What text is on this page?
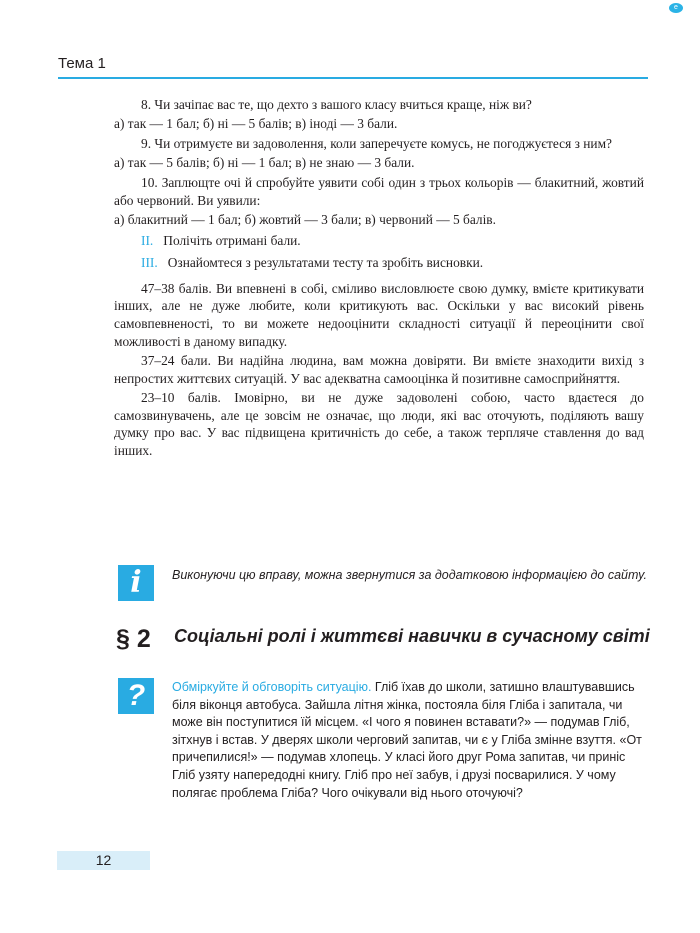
e
Тема 1

8. Чи зачіпає вас те, що дехто з вашого класу вчиться краще, ніж ви?

а) так — 1 бал; б) ні — 5 балів; в) іноді — 3 бали.

9. Чи отримуєте ви задоволення, коли заперечуєте комусь, не погоджуєтеся з ним?

а) так — 5 балів; б) ні — 1 бал; в) не знаю — 3 бали.

10. Заплющте очі й спробуйте уявити собі один з трьох кольорів — блакитний, жовтий або червоний. Ви уявили:

а) блакитний — 1 бал; б) жовтий — 3 бали; в) червоний — 5 балів.

II. Полічіть отримані бали.

III. Ознайомтеся з результатами тесту та зробіть висновки.

47–38 балів. Ви впевнені в собі, сміливо висловлюєте свою думку, вмієте критикувати інших, але не дуже любите, коли критикують вас. Оскільки у вас високий рівень самовпевненості, то ви можете недооцінити складності ситуації й переоцінити свої можливості в даному випадку.

37–24 бали. Ви надійна людина, вам можна довіряти. Ви вмієте знаходити вихід з непростих життєвих ситуацій. У вас адекватна самооцінка й позитивне самосприйняття.

23–10 балів. Імовірно, ви не дуже задоволені собою, часто вдаєтеся до самозвинувачень, але це зовсім не означає, що люди, які вас оточують, поділяють вашу думку про вас. У вас підвищена критичність до себе, а також терпляче ставлення до вад інших.

i	Виконуючи цю вправу, можна звернутися за додатковою інформацією до сайту.
§ 2 Соціальні ролі і життєві навички в сучасному світі
?	Обміркуйте й обговоріть ситуацію. Гліб їхав до школи, затишно влаштувавшись біля віконця автобуса. Зайшла літня жінка, постояла біля Гліба і запитала, чи може він поступитися їй місцем. «І чого я повинен вставати?» — подумав Гліб, зітхнув і встав. У дверях школи черговий запитав, чи є у Гліба змінне взуття. «От причепилися!» — подумав хлопець. У класі його друг Рома запитав, чи приніс Гліб узяту напередодні книгу. Гліб про неї забув, і друзі посварилися. У чому полягає проблема Гліба? Чого очікували від нього оточуючі?
12
